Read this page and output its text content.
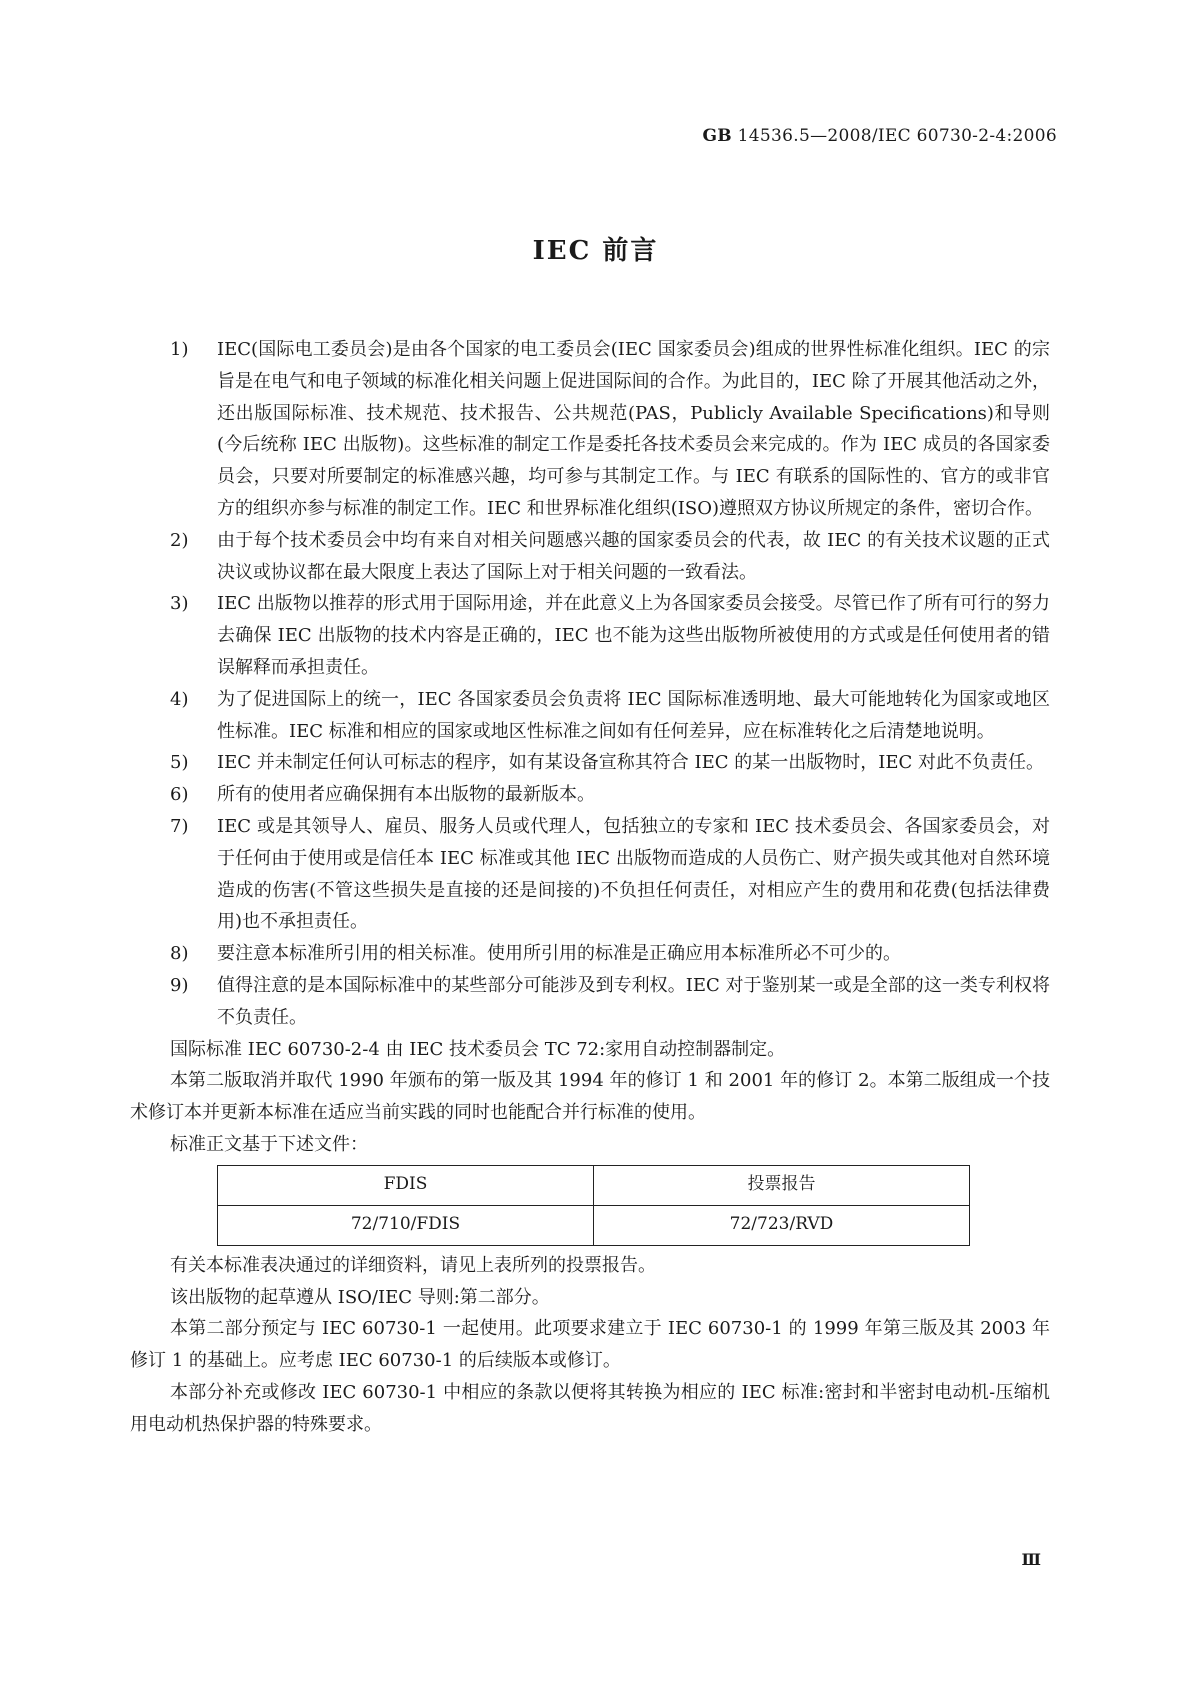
GB 14536.5—2008/IEC 60730-2-4:2006
IEC 前言
1)	IEC(国际电工委员会)是由各个国家的电工委员会(IEC 国家委员会)组成的世界性标准化组织。IEC 的宗旨是在电气和电子领域的标准化相关问题上促进国际间的合作。为此目的，IEC 除了开展其他活动之外，还出版国际标准、技术规范、技术报告、公共规范(PAS，Publicly Available Specifications)和导则(今后统称 IEC 出版物)。这些标准的制定工作是委托各技术委员会来完成的。作为 IEC 成员的各国家委员会，只要对所要制定的标准感兴趣，均可参与其制定工作。与 IEC 有联系的国际性的、官方的或非官方的组织亦参与标准的制定工作。IEC 和世界标准化组织(ISO)遵照双方协议所规定的条件，密切合作。
2)	由于每个技术委员会中均有来自对相关问题感兴趣的国家委员会的代表，故 IEC 的有关技术议题的正式决议或协议都在最大限度上表达了国际上对于相关问题的一致看法。
3)	IEC 出版物以推荐的形式用于国际用途，并在此意义上为各国家委员会接受。尽管已作了所有可行的努力去确保 IEC 出版物的技术内容是正确的，IEC 也不能为这些出版物所被使用的方式或是任何使用者的错误解释而承担责任。
4)	为了促进国际上的统一，IEC 各国家委员会负责将 IEC 国际标准透明地、最大可能地转化为国家或地区性标准。IEC 标准和相应的国家或地区性标准之间如有任何差异，应在标准转化之后清楚地说明。
5)	IEC 并未制定任何认可标志的程序，如有某设备宣称其符合 IEC 的某一出版物时，IEC 对此不负责任。
6)	所有的使用者应确保拥有本出版物的最新版本。
7)	IEC 或是其领导人、雇员、服务人员或代理人，包括独立的专家和 IEC 技术委员会、各国家委员会，对于任何由于使用或是信任本 IEC 标准或其他 IEC 出版物而造成的人员伤亡、财产损失或其他对自然环境造成的伤害(不管这些损失是直接的还是间接的)不负担任何责任，对相应产生的费用和花费(包括法律费用)也不承担责任。
8)	要注意本标准所引用的相关标准。使用所引用的标准是正确应用本标准所必不可少的。
9)	值得注意的是本国际标准中的某些部分可能涉及到专利权。IEC 对于鉴别某一或是全部的这一类专利权将不负责任。
国际标准 IEC 60730-2-4 由 IEC 技术委员会 TC 72:家用自动控制器制定。
本第二版取消并取代 1990 年颁布的第一版及其 1994 年的修订 1 和 2001 年的修订 2。本第二版组成一个技术修订本并更新本标准在适应当前实践的同时也能配合并行标准的使用。
标准正文基于下述文件：
FDIS	投票报告
72/710/FDIS	72/723/RVD
有关本标准表决通过的详细资料，请见上表所列的投票报告。
该出版物的起草遵从 ISO/IEC 导则:第二部分。
本第二部分预定与 IEC 60730-1 一起使用。此项要求建立于 IEC 60730-1 的 1999 年第三版及其 2003 年修订 1 的基础上。应考虑 IEC 60730-1 的后续版本或修订。
本部分补充或修改 IEC 60730-1 中相应的条款以便将其转换为相应的 IEC 标准:密封和半密封电动机-压缩机用电动机热保护器的特殊要求。
Ⅲ
